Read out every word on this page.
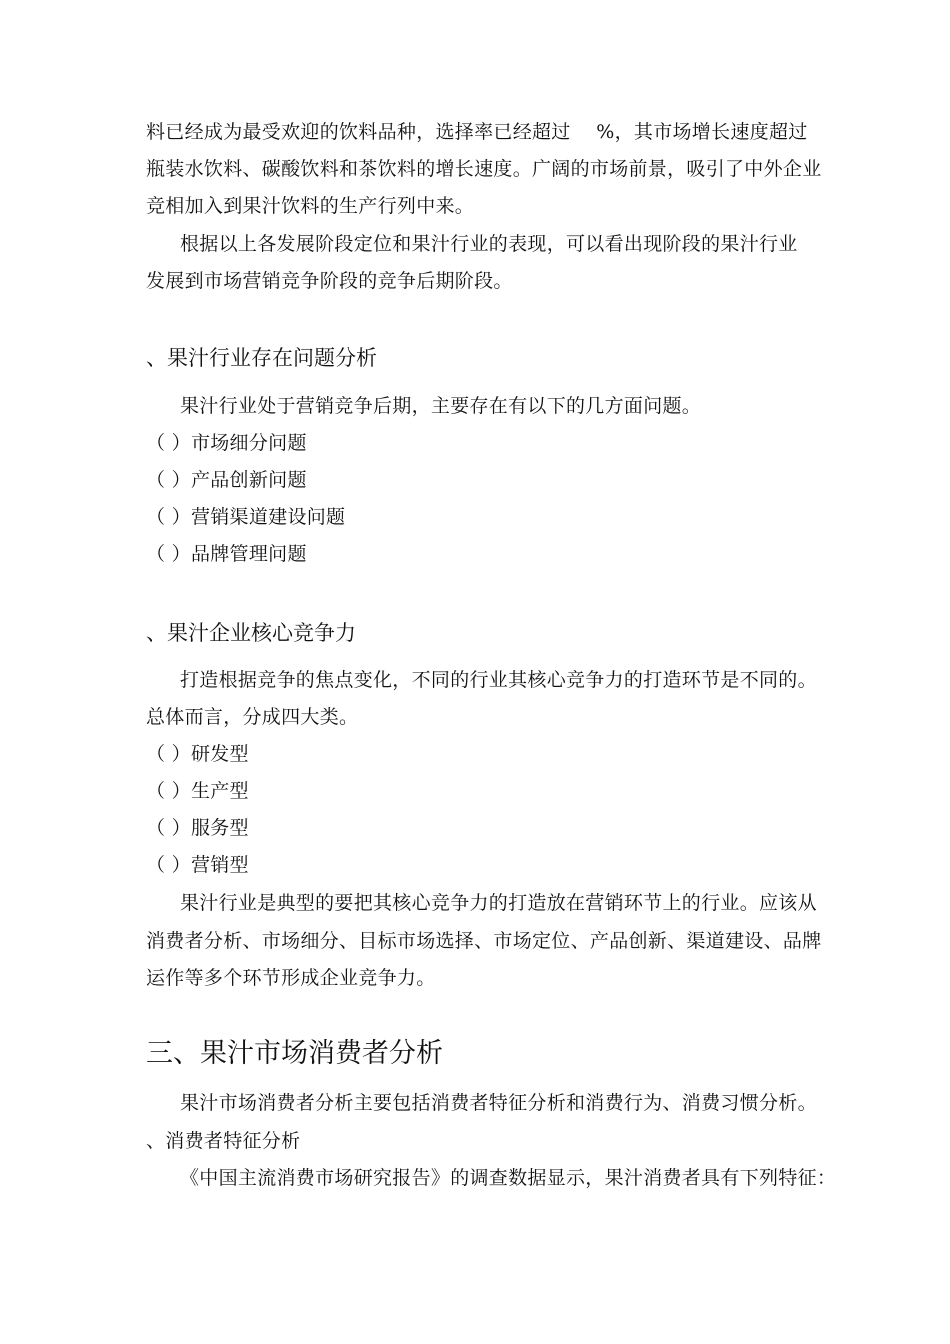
料已经成为最受欢迎的饮料品种，选择率已经超过　 %，其市场增长速度超过
瓶装水饮料、碳酸饮料和茶饮料的增长速度。广阔的市场前景，吸引了中外企业
竞相加入到果汁饮料的生产行列中来。
根据以上各发展阶段定位和果汁行业的表现，可以看出现阶段的果汁行业
发展到市场营销竞争阶段的竞争后期阶段。
、果汁行业存在问题分析
果汁行业处于营销竞争后期，主要存在有以下的几方面问题。
（ ）市场细分问题
（ ）产品创新问题
（ ）营销渠道建设问题
（ ）品牌管理问题
、果汁企业核心竞争力
打造根据竞争的焦点变化，不同的行业其核心竞争力的打造环节是不同的。
总体而言，分成四大类。
（ ）研发型
（ ）生产型
（ ）服务型
（ ）营销型
果汁行业是典型的要把其核心竞争力的打造放在营销环节上的行业。应该从
消费者分析、市场细分、目标市场选择、市场定位、产品创新、渠道建设、品牌
运作等多个环节形成企业竞争力。
三、果汁市场消费者分析
果汁市场消费者分析主要包括消费者特征分析和消费行为、消费习惯分析。
、消费者特征分析
《中国主流消费市场研究报告》的调查数据显示，果汁消费者具有下列特征：
